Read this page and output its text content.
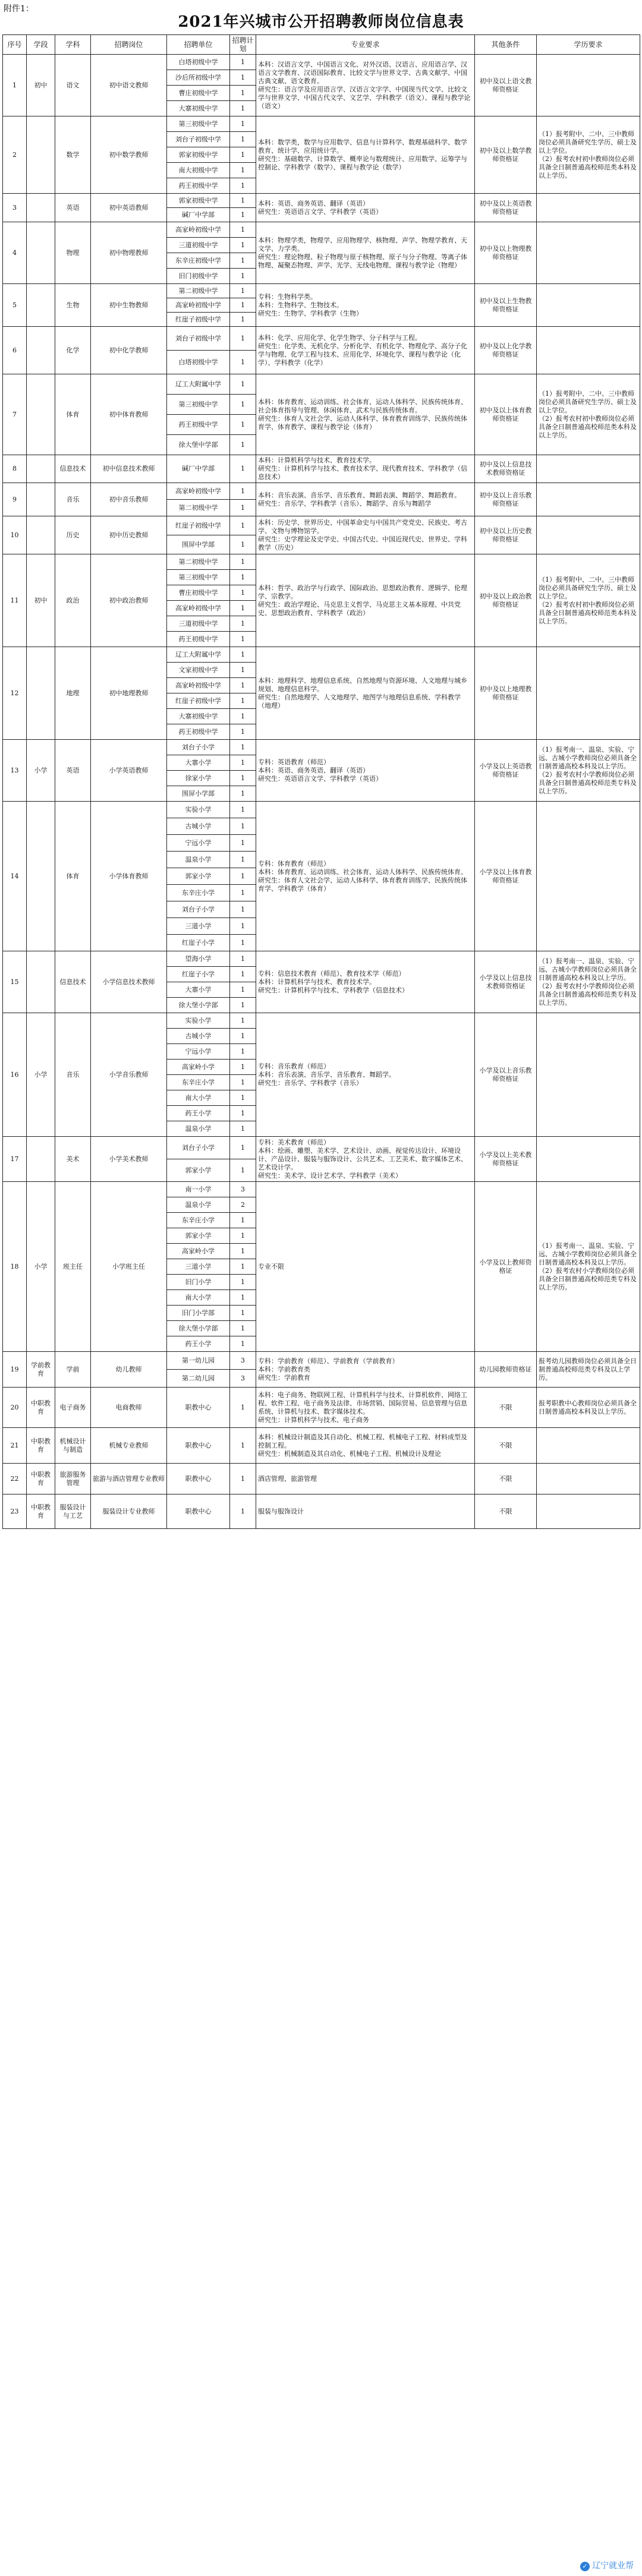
附件1：
2021年兴城市公开招聘教师岗位信息表
序号	学段	学科	招聘岗位	招聘单位	招聘计划	专业要求	其他条件	学历要求
1	初中	语文	初中语文教师	白塔初级中学	1	本科：汉语言文学、中国语言文化、对外汉语、汉语言、应用语言学、汉语言文学教育、汉语国际教育、比较文学与世界文学、古典文献学、中国古典文献、语文教育。
研究生：语言学及应用语言学、汉语言文字学、中国现当代文学、比较文学与世界文学、中国古代文学、文艺学、学科教学（语文）、课程与教学论（语文）	初中及以上语文教师资格证	
				沙后所初级中学	1			
				曹庄初级中学	1			
				大寨初级中学	1			
2		数学	初中数学教师	第三初级中学	1	本科：数学类，数学与应用数学、信息与计算科学、数理基础科学、数学教育、统计学、应用统计学。
研究生：基础数学、计算数学、概率论与数理统计、应用数学、运筹学与控制论、学科教学（数学）、课程与教学论（数学）	初中及以上数学教师资格证	（1）报考附中、二中、三中教师岗位必须具备研究生学历、硕士及以上学位。
（2）报考农村初中教师岗位必须具备全日制普通高校师范类本科及以上学历。
				刘台子初级中学	1			
				郭家初级中学	1			
				南大初级中学	1			
				药王初级中学	1			
3		英语	初中英语教师	郭家初级中学	1	本科：英语、商务英语、翻译（英语）
研究生：英语语言文学、学科教学（英语）	初中及以上英语教师资格证	
				碱厂中学部	1			
4		物理	初中物理教师	高家岭初级中学	1	本科：物理学类，物理学、应用物理学、核物理、声学、物理学教育、天文学、力学类。
研究生：理论物理、粒子物理与原子核物理、原子与分子物理、等离子体物理、凝聚态物理、声学、光学、无线电物理、课程与教学论（物理）	初中及以上物理教师资格证	
				三道初级中学	1			
				东辛庄初级中学	1			
				旧门初级中学	1			
5		生物	初中生物教师	第二初级中学	1	专科：生物科学类。
本科：生物科学、生物技术。
研究生：生物学、学科教学（生物）	初中及以上生物教师资格证	
				高家岭初级中学	1			
				红崖子初级中学	1			
6		化学	初中化学教师	刘台子初级中学	1	本科：化学、应用化学、化学生物学、分子科学与工程。
研究生：化学类、无机化学、分析化学、有机化学、物理化学、高分子化学与物理、化学工程与技术、应用化学、环境化学、课程与教学论（化学）、学科教学（化学）	初中及以上化学教师资格证	
				白塔初级中学	1			
7		体育	初中体育教师	辽工大附属中学	1	本科：体育教育、运动训练、社会体育、运动人体科学、民族传统体育、社会体育指导与管理、休闲体育、武术与民族传统体育。
研究生：体育人文社会学、运动人体科学、体育教育训练学、民族传统体育学、体育教学、课程与教学论（体育）	初中及以上体育教师资格证	（1）报考附中、二中、三中教师岗位必须具备研究生学历、硕士及以上学位。
（2）报考农村初中教师岗位必须具备全日制普通高校师范类本科及以上学历。
				第三初级中学	1			
				药王初级中学	1			
				徐大堡中学部	1			
8		信息技术	初中信息技术教师	碱厂中学部	1	本科：计算机科学与技术、教育技术学。
研究生：计算机科学与技术、教育技术学、现代教育技术、学科教学（信息技术）	初中及以上信息技术教师资格证	
9		音乐	初中音乐教师	高家岭初级中学	1	本科：音乐表演、音乐学、音乐教育、舞蹈表演、舞蹈学、舞蹈教育。
研究生：音乐学、学科教学（音乐）、舞蹈学、音乐与舞蹈学	初中及以上音乐教师资格证	
				第二初级中学	1			
10		历史	初中历史教师	红崖子初级中学	1	本科：历史学、世界历史、中国革命史与中国共产党党史、民族史、考古学、文物与博物馆学。
研究生：史学理论及史学史、中国古代史、中国近现代史、世界史、学科教学（历史）	初中及以上历史教师资格证	
				围屏中学部	1			
11	初中	政治	初中政治教师	第二初级中学	1	本科：哲学、政治学与行政学、国际政治、思想政治教育、逻辑学、伦理学、宗教学。
研究生：政治学理论、马克思主义哲学、马克思主义基本原理、中共党史、思想政治教育、学科教学（政治）	初中及以上政治教师资格证	（1）报考附中、二中、三中教师岗位必须具备研究生学历、硕士及以上学位。
（2）报考农村初中教师岗位必须具备全日制普通高校师范类本科及以上学历。
				第三初级中学	1			
				曹庄初级中学	1			
				高家岭初级中学	1			
				三道初级中学	1			
				药王初级中学	1			
12		地理	初中地理教师	辽工大附属中学	1	本科：地理科学、地理信息系统、自然地理与资源环境、人文地理与城乡规划、地理信息科学。
研究生：自然地理学、人文地理学、地图学与地理信息系统、学科教学（地理）	初中及以上地理教师资格证	
				文家初级中学	1			
				高家岭初级中学	1			
				红崖子初级中学	1			
				大寨初级中学	1			
				药王初级中学	1			
13	小学	英语	小学英语教师	刘台子小学	1	专科：英语教育（师范）
本科：英语、商务英语、翻译（英语）
研究生：英语语言文学、学科教学（英语）	小学及以上英语教师资格证	（1）报考南一、温泉、实验、宁远、古城小学教师岗位必须具备全日制普通高校本科及以上学历。
（2）报考农村小学教师岗位必须具备全日制普通高校师范类专科及以上学历。
				大寨小学	1			
				徐家小学	1			
				围屏小学部	1			
14		体育	小学体育教师	实验小学	1	专科：体育教育（师范）
本科：体育教育、运动训练、社会体育、运动人体科学、民族传统体育。
研究生：体育人文社会学、运动人体科学、体育教育训练学、民族传统体育学、学科教学（体育）	小学及以上体育教师资格证	
				古城小学	1			
				宁远小学	1			
				温泉小学	1			
				郭家小学	1			
				东辛庄小学	1			
				刘台子小学	1			
				三道小学	1			
				红崖子小学	1			
15		信息技术	小学信息技术教师	望海小学	1	专科：信息技术教育（师范）、教育技术学（师范）
本科：计算机科学与技术、教育技术学。
研究生：计算机科学与技术、学科教学（信息技术）	小学及以上信息技术教师资格证	（1）报考南一、温泉、实验、宁远、古城小学教师岗位必须具备全日制普通高校本科及以上学历。
（2）报考农村小学教师岗位必须具备全日制普通高校师范类专科及以上学历。
				红崖子小学	1			
				大寨小学	1			
				徐大堡小学部	1			
16	小学	音乐	小学音乐教师	实验小学	1	专科：音乐教育（师范）
本科：音乐表演、音乐学、音乐教育、舞蹈学。
研究生：音乐学、学科教学（音乐）	小学及以上音乐教师资格证	
				古城小学	1			
				宁远小学	1			
				高家岭小学	1			
				东辛庄小学	1			
				南大小学	1			
				药王小学	1			
				温泉小学	1			
17		美术	小学美术教师	刘台子小学	1	专科：美术教育（师范）
本科：绘画、雕塑、美术学、艺术设计、动画、视觉传达设计、环境设计、产品设计、服装与服饰设计、公共艺术、工艺美术、数字媒体艺术、艺术设计学。
研究生：美术学、设计艺术学、学科教学（美术）	小学及以上美术教师资格证	
				郭家小学	1			
18	小学	班主任	小学班主任	南一小学	3	专业不限	小学及以上教师资格证	（1）报考南一、温泉、实验、宁远、古城小学教师岗位必须具备全日制普通高校本科及以上学历。
（2）报考农村小学教师岗位必须具备全日制普通高校师范类专科及以上学历。
				温泉小学	2			
				东辛庄小学	1			
				郭家小学	1			
				高家岭小学	1			
				三道小学	1			
				旧门小学	1			
				南大小学	1			
				旧门小学部	1			
				徐大堡小学部	1			
				药王小学	1			
19	学前教育	学前	幼儿教师	第一幼儿园	3	专科：学前教育（师范）、学前教育（学前教育）
本科：学前教育类
研究生：学前教育	幼儿园教师资格证	报考幼儿园教师岗位必须具备全日制普通高校师范类专科及以上学历。
				第二幼儿园	3			
20	中职教育	电子商务	电商教师	职教中心	1	本科：电子商务、物联网工程、计算机科学与技术、计算机软件、网络工程、软件工程、电子商务及法律、市场营销、国际贸易、信息管理与信息系统、计算机与技术、数字媒体技术。
研究生：计算机科学与技术、电子商务	不限	报考职教中心教师岗位必须具备全日制普通高校本科及以上学历。
21	中职教育	机械设计与制造	机械专业教师	职教中心	1	本科：机械设计制造及其自动化、机械工程、机械电子工程、材料成型及控制工程。
研究生：机械制造及其自动化、机械电子工程、机械设计及理论	不限	
22	中职教育	旅游服务管理	旅游与酒店管理专业教师	职教中心	1	酒店管理、旅游管理	不限	
23	中职教育	服装设计与工艺	服装设计专业教师	职教中心	1	服装与服饰设计	不限	
✓ 辽宁就业帮
